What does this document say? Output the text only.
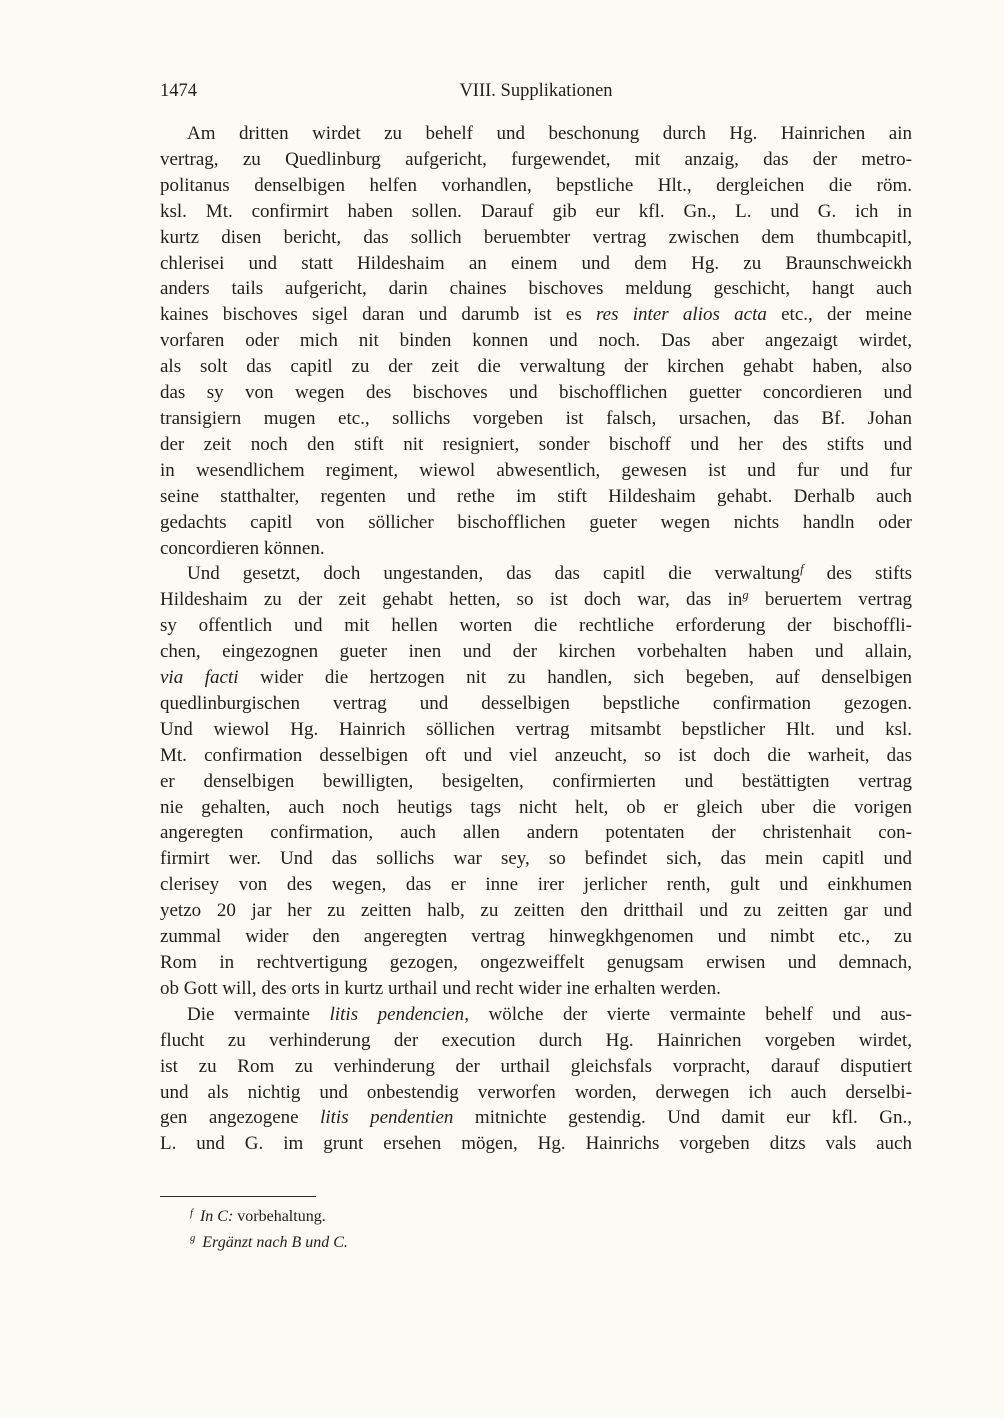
1474	VIII. Supplikationen
Am dritten wirdet zu behelf und beschonung durch Hg. Hainrichen ain
vertrag, zu Quedlinburg aufgericht, furgewendet, mit anzaig, das der metro-
politanus denselbigen helfen vorhandlen, bepstliche Hlt., dergleichen die röm.
ksl. Mt. confirmirt haben sollen. Darauf gib eur kfl. Gn., L. und G. ich in
kurtz disen bericht, das sollich beruembter vertrag zwischen dem thumbcapitl,
chlerisei und statt Hildeshaim an einem und dem Hg. zu Braunschweickh
anders tails aufgericht, darin chaines bischoves meldung geschicht, hangt auch
kaines bischoves sigel daran und darumb ist es res inter alios acta etc., der meine
vorfaren oder mich nit binden konnen und noch. Das aber angezaigt wirdet,
als solt das capitl zu der zeit die verwaltung der kirchen gehabt haben, also
das sy von wegen des bischoves und bischofflichen guetter concordieren und
transigiern mugen etc., sollichs vorgeben ist falsch, ursachen, das Bf. Johan
der zeit noch den stift nit resigniert, sonder bischoff und her des stifts und
in wesendlichem regiment, wiewol abwesentlich, gewesen ist und fur und fur
seine statthalter, regenten und rethe im stift Hildeshaim gehabt. Derhalb auch
gedachts capitl von söllicher bischofflichen gueter wegen nichts handln oder
concordieren können.
Und gesetzt, doch ungestanden, das das capitl die verwaltung$^f$ des stifts
Hildeshaim zu der zeit gehabt hetten, so ist doch war, das $in^g$ beruertem vertrag
sy offentlich und mit hellen worten die rechtliche erforderung der bischoffli-
chen, eingezognen gueter inen und der kirchen vorbehalten haben und allain,
via facti wider die hertzogen nit zu handlen, sich begeben, auf denselbigen
quedlinburgischen vertrag und desselbigen bepstliche confirmation gezogen.
Und wiewol Hg. Hainrich söllichen vertrag mitsambt bepstlicher Hlt. und ksl.
Mt. confirmation desselbigen oft und viel anzeucht, so ist doch die warheit, das
er denselbigen bewilligten, besigelten, confirmierten und bestättigten vertrag
nie gehalten, auch noch heutigs tags nicht helt, ob er gleich uber die vorigen
angeregten confirmation, auch allen andern potentaten der christenhait con-
firmirt wer. Und das sollichs war sey, so befindet sich, das mein capitl und
clerisey von des wegen, das er inne irer jerlicher renth, gult und einkhumen
yetzo 20 jar her zu zeitten halb, zu zeitten den dritthail und zu zeitten gar und
zummal wider den angeregten vertrag hinwegkhgenomen und nimbt etc., zu
Rom in rechtvertigung gezogen, ongezweiffelt genugsam erwisen und demnach,
ob Gott will, des orts in kurtz urthail und recht wider ine erhalten werden.
Die vermainte litis pendencien, wölche der vierte vermainte behelf und aus-
flucht zu verhinderung der execution durch Hg. Hainrichen vorgeben wirdet,
ist zu Rom zu verhinderung der urthail gleichsfals vorpracht, darauf disputiert
und als nichtig und onbestendig verworfen worden, derwegen ich auch derselbi-
gen angezogene litis pendentien mitnichte gestendig. Und damit eur kfl. Gn.,
L. und G. im grunt ersehen mögen, Hg. Hainrichs vorgeben ditzs vals auch
$^f$ In C: vorbehaltung.
$^g$ Ergänzt nach B und C.
